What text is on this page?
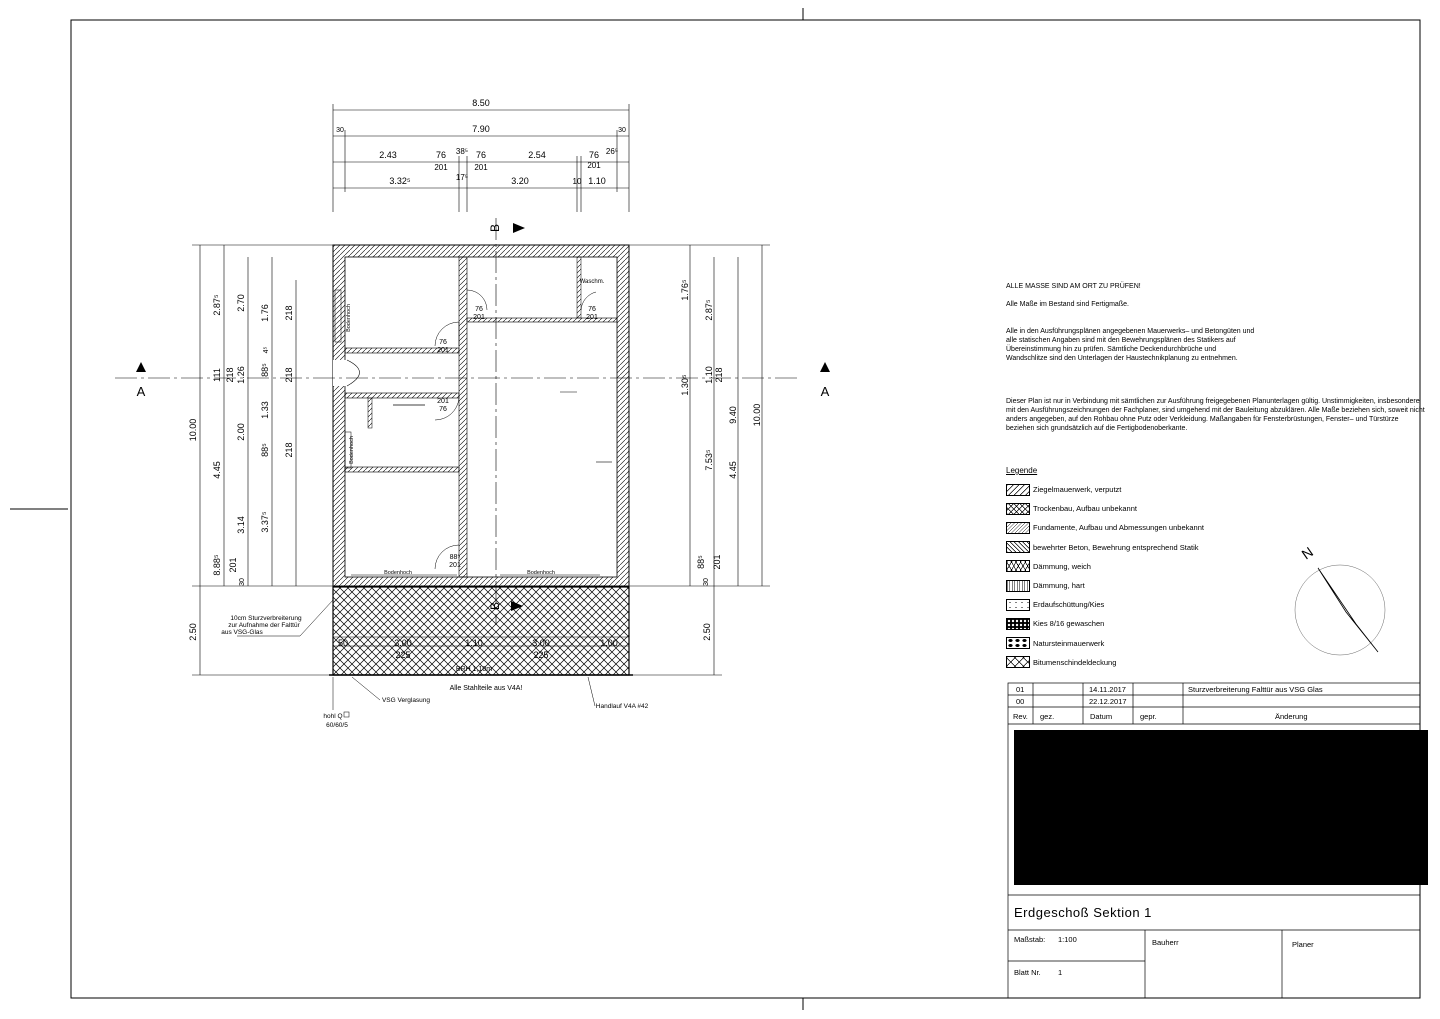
8.50
7.90
30	30
2.43	76 38⁵ 76	2.54	76 26⁵
201	201	201
3.32⁵	17⁵	3.20	10 1.10
10.00
2.50
4.45
2.87⁵ 2.70
1.76 218
111 218 1.26 88⁵
4⁵
218
1.33
2.00
88⁵ 218
3.14 3.37⁵
8.88⁵ 201
30
10.00
9.40
7.53⁵
2.87⁵
1.76⁵
1.30⁵ 1.10 218
4.45
2.50
88⁵ 201
30
50	3.00	1.10	3.00	1.00
225	225
A	A
B
B
Waschm.
Bodenhoch
Bodenhoch
Bodenhoch	Bodenhoch
76
201
76
201
76
201
201
76
88⁵
201
BRH 1,10m
Alle Stahlteile aus V4A!
10cm Sturzverbreiterung
zur Aufnahme der Falttür
aus VSG-Glas
VSG Verglasung
Handlauf V4A #42
hohl Q
60/60/5
N
01	14.11.2017	Sturzverbreiterung Falttür aus VSG Glas
00	22.12.2017
Rev. gez.	Datum	gepr.	Änderung

ALLE MASSE SIND AM ORT ZU PRÜFEN!

Alle Maße im Bestand sind Fertigmaße.

Alle in den Ausführungsplänen angegebenen Mauerwerks– und Betongüten und alle statischen Angaben sind mit den Bewehrungsplänen des Statikers auf Übereinstimmung hin zu prüfen. Sämtliche Deckendurchbrüche und Wandschlitze sind den Unterlagen der Haustechnikplanung zu entnehmen.

Dieser Plan ist nur in Verbindung mit sämtlichen zur Ausführung freigegebenen Planunterlagen gültig. Unstimmigkeiten, insbesondere mit den Ausführungszeichnungen der Fachplaner, sind umgehend mit der Bauleitung abzuklären. Alle Maße beziehen sich, soweit nicht anders angegeben, auf den Rohbau ohne Putz oder Verkleidung. Maßangaben für Fensterbrüstungen, Fenster– und Türstürze beziehen sich grundsätzlich auf die Fertigbodenoberkante.

Legende
Ziegelmauerwerk, verputzt
Trockenbau, Aufbau unbekannt
Fundamente, Aufbau und Abmessungen unbekannt
bewehrter Beton, Bewehrung entsprechend Statik
Dämmung, weich
Dämmung, hart
Erdaufschüttung/Kies
Kies 8/16 gewaschen
Natursteinmauerwerk
Bitumenschindeldeckung
Erdgeschoß Sektion 1
Maßstab: 1:100	Bauherr	Planer
Blatt Nr. 1
